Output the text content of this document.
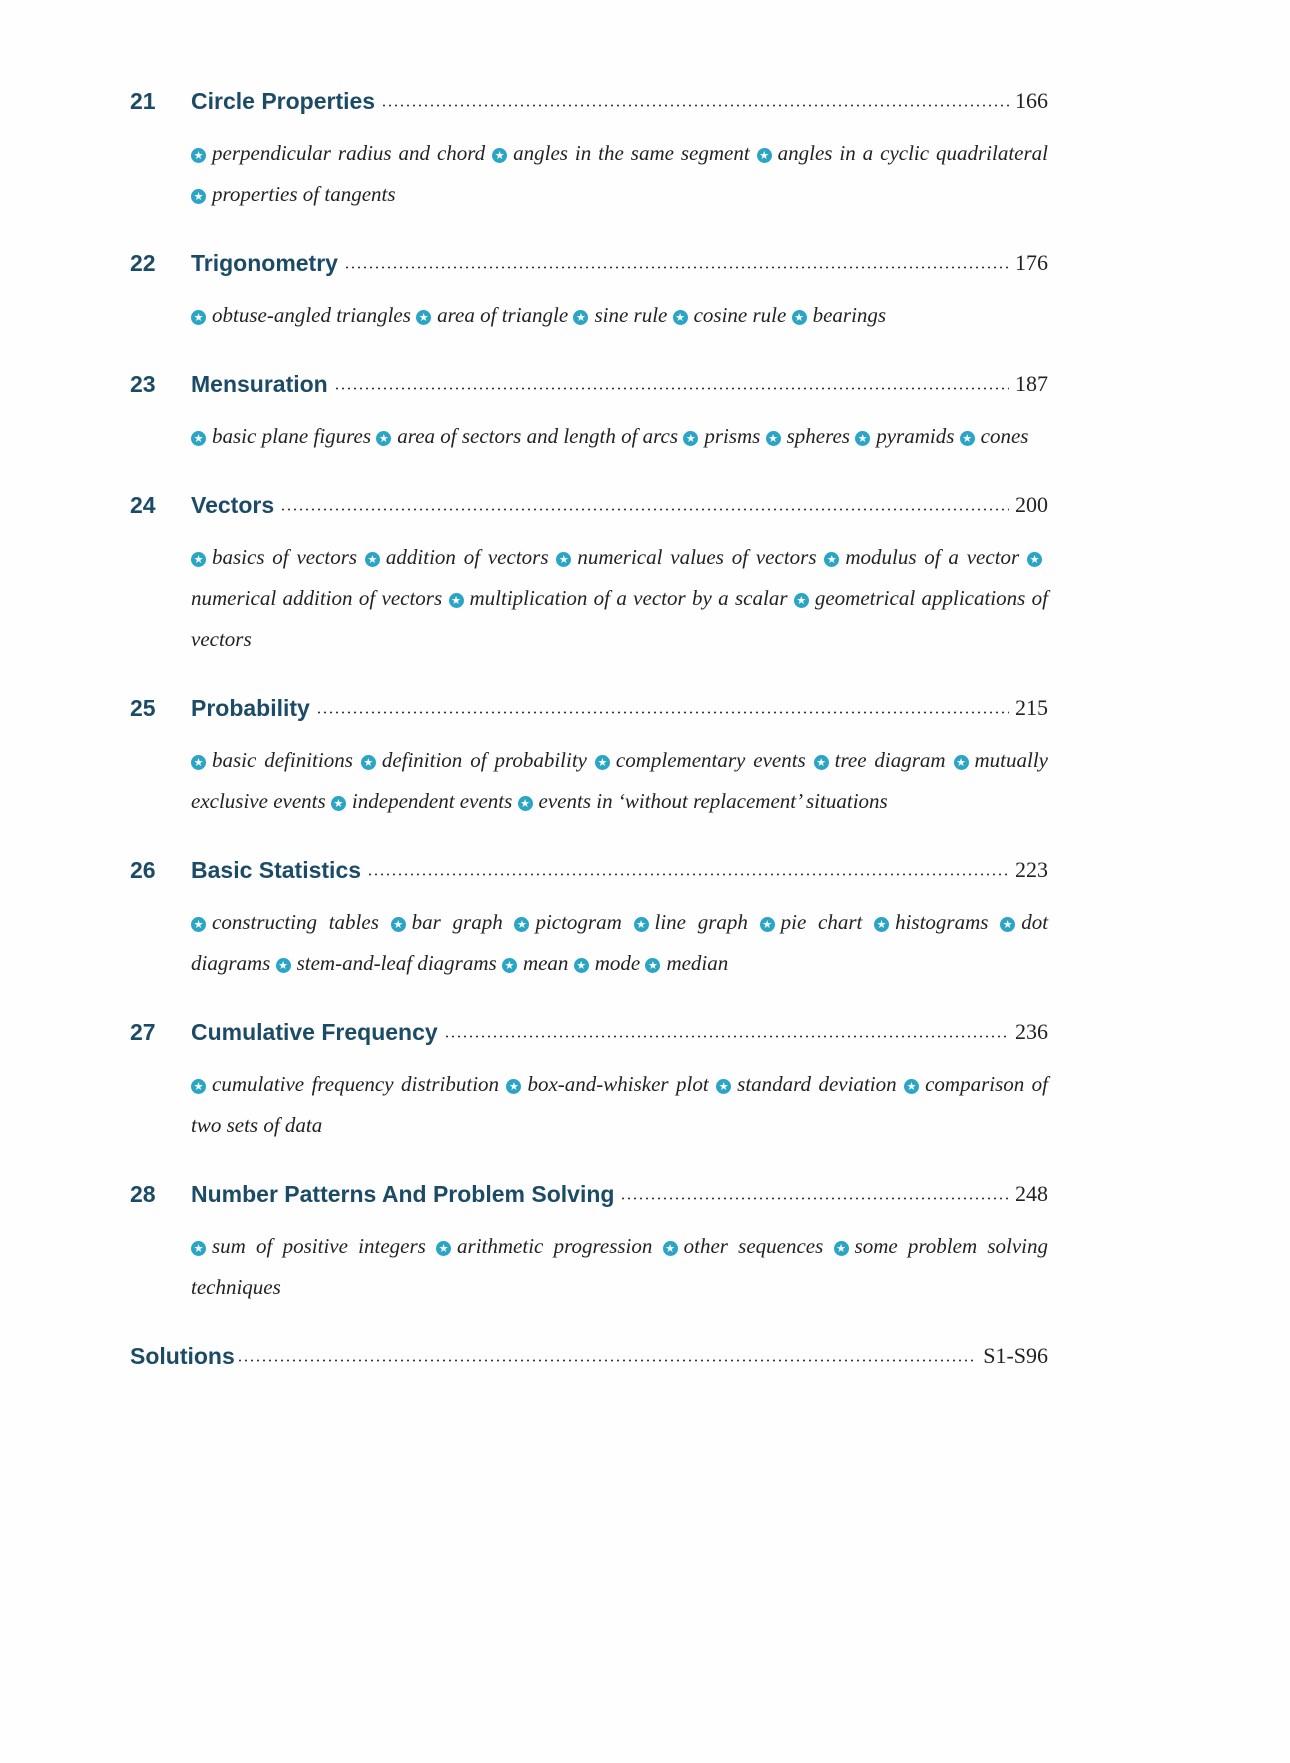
21	Circle Properties	166
★ perpendicular radius and chord ★ angles in the same segment ★ angles in a cyclic quadrilateral ★ properties of tangents
22	Trigonometry	176
★ obtuse-angled triangles ★ area of triangle ★ sine rule ★ cosine rule ★ bearings
23	Mensuration	187
★ basic plane figures ★ area of sectors and length of arcs ★ prisms ★ spheres ★ pyramids ★ cones
24	Vectors	200
★ basics of vectors ★ addition of vectors ★ numerical values of vectors ★ modulus of a vector ★numerical addition of vectors ★ multiplication of a vector by a scalar ★ geometrical applications of vectors
25	Probability	215
★ basic definitions ★ definition of probability ★ complementary events ★ tree diagram ★ mutually exclusive events ★ independent events ★ events in ‘without replacement’ situations
26	Basic Statistics	223
★ constructing tables ★ bar graph ★ pictogram ★ line graph ★ pie chart ★ histograms ★ dot diagrams ★ stem-and-leaf diagrams ★ mean ★ mode ★ median
27	Cumulative Frequency	236
★ cumulative frequency distribution ★ box-and-whisker plot ★ standard deviation ★ comparison of two sets of data
28	Number Patterns And Problem Solving	248
★ sum of positive integers ★ arithmetic progression ★ other sequences ★ some problem solving techniques
Solutions	S1-S96
